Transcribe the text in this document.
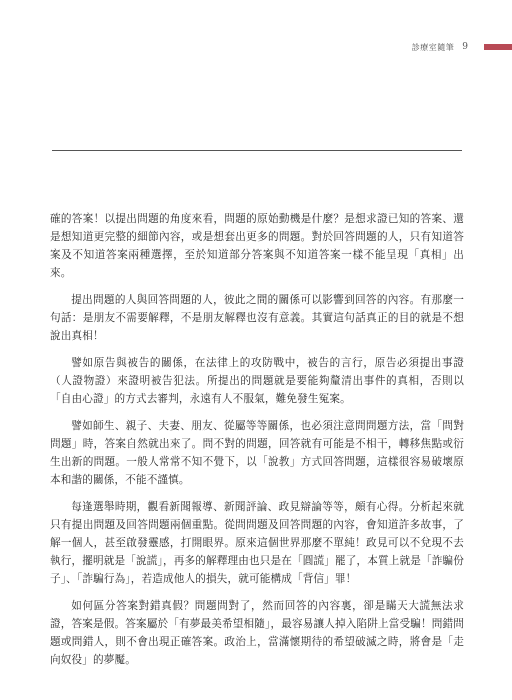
診療室隨筆 9

確的答案！以提出問題的角度來看，問題的原始動機是什麼？是想求證已知的答案、還是想知道更完整的細節內容，或是想套出更多的問題。對於回答問題的人，只有知道答案及不知道答案兩種選擇，至於知道部分答案與不知道答案一樣不能呈現「真相」出來。

提出問題的人與回答問題的人，彼此之間的關係可以影響到回答的內容。有那麼一句話：是朋友不需要解釋，不是朋友解釋也沒有意義。其實這句話真正的目的就是不想說出真相！

譬如原告與被告的關係，在法律上的攻防戰中，被告的言行，原告必須提出事證（人證物證）來證明被告犯法。所提出的問題就是要能夠釐清出事件的真相，否則以「自由心證」的方式去審判，永遠有人不服氣，難免發生冤案。

譬如師生、親子、夫妻、朋友、從屬等等關係，也必須注意問問題方法，當「問對問題」時，答案自然就出來了。問不對的問題，回答就有可能是不相干，轉移焦點或衍生出新的問題。一般人常常不知不覺下，以「說教」方式回答問題，這樣很容易破壞原本和諧的關係，不能不謹慎。

每逢選舉時期，觀看新聞報導、新聞評論、政見辯論等等，頗有心得。分析起來就只有提出問題及回答問題兩個重點。從問問題及回答問題的內容，會知道許多故事，了解一個人，甚至啟發靈感，打開眼界。原來這個世界那麼不單純！政見可以不兌現不去執行，擺明就是「說謊」，再多的解釋理由也只是在「圓謊」罷了，本質上就是「詐騙份子」、「詐騙行為」，若造成他人的損失，就可能構成「背信」罪！

如何區分答案對錯真假？問題問對了，然而回答的內容裏，卻是瞞天大謊無法求證，答案是假。答案屬於「有夢最美希望相隨」，最容易讓人掉入陷阱上當受騙！問錯問題或問錯人，則不會出現正確答案。政治上，當滿懷期待的希望破滅之時，將會是「走向奴役」的夢魘。
